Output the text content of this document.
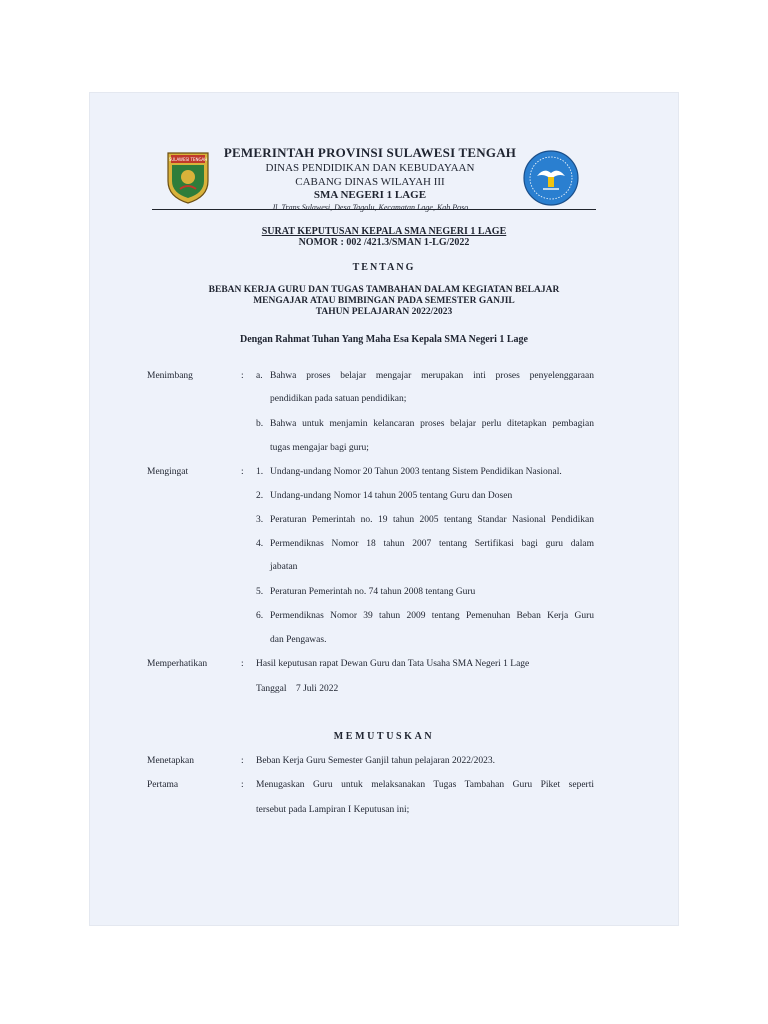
SULAWESI TENGAH PEMERINTAH PROVINSI SULAWESI TENGAH
DINAS PENDIDIKAN DAN KEBUDAYAAN
CABANG DINAS WILAYAH III
SMA NEGERI 1 LAGE
Jl. Trans Sulawesi, Desa Tagolu, Kecamatan Lage, Kab.Poso
SURAT KEPUTUSAN KEPALA SMA NEGERI 1 LAGE
NOMOR : 002 /421.3/SMAN 1-LG/2022
TENTANG
BEBAN KERJA GURU DAN TUGAS TAMBAHAN DALAM KEGIATAN BELAJAR
MENGAJAR ATAU BIMBINGAN PADA SEMESTER GANJIL
TAHUN PELAJARAN 2022/2023
Dengan Rahmat Tuhan Yang Maha Esa Kepala SMA Negeri 1 Lage
Menimbang	: a. Bahwa proses belajar mengajar merupakan inti proses penyelenggaraan
pendidikan pada satuan pendidikan;
b. Bahwa untuk menjamin kelancaran proses belajar perlu ditetapkan pembagian
tugas mengajar bagi guru;
Mengingat	: 1. Undang-undang Nomor 20 Tahun 2003 tentang Sistem Pendidikan Nasional.
2. Undang-undang Nomor 14 tahun 2005 tentang Guru dan Dosen
3. Peraturan Pemerintah no. 19 tahun 2005 tentang Standar Nasional Pendidikan
4. Permendiknas Nomor 18 tahun 2007 tentang Sertifikasi bagi guru dalam
jabatan
5. Peraturan Pemerintah no. 74 tahun 2008 tentang Guru
6. Permendiknas Nomor 39 tahun 2009 tentang Pemenuhan Beban Kerja Guru
dan Pengawas.
Memperhatikan	: Hasil keputusan rapat Dewan Guru dan Tata Usaha SMA Negeri 1 Lage
Tanggal    7 Juli 2022
MEMUTUSKAN
Menetapkan	: Beban Kerja Guru Semester Ganjil tahun pelajaran 2022/2023.
Pertama	: Menugaskan Guru untuk melaksanakan Tugas Tambahan Guru Piket seperti
tersebut pada Lampiran I Keputusan ini;
